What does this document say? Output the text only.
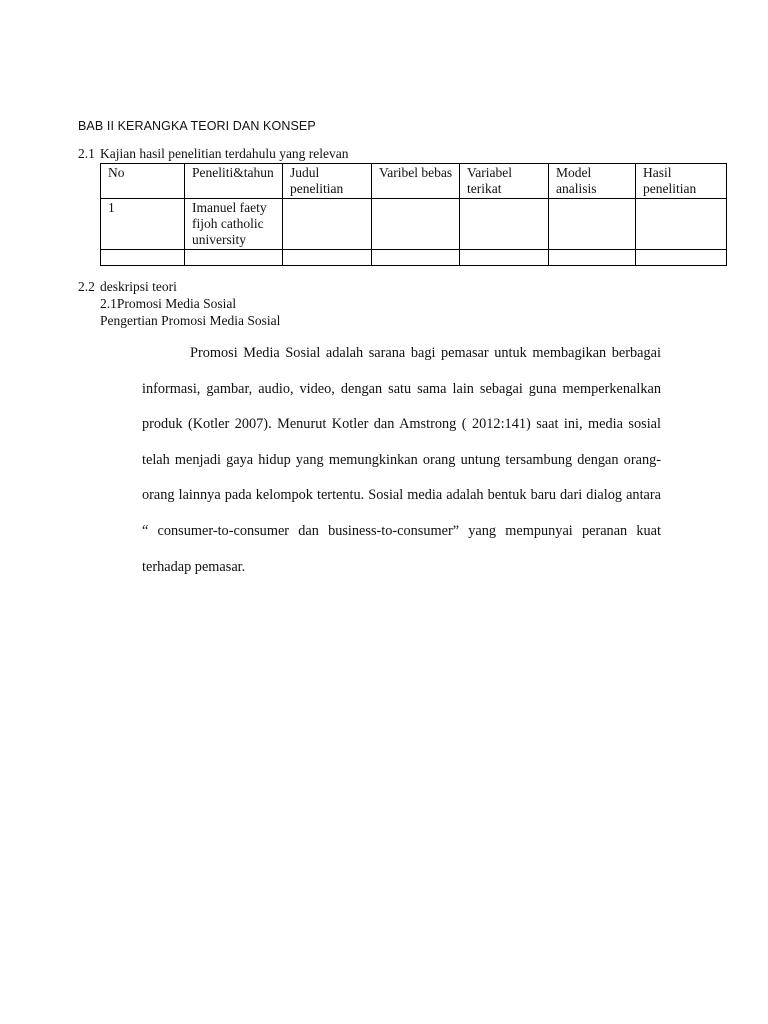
BAB II KERANGKA TEORI DAN KONSEP
2.1 Kajian hasil penelitian terdahulu yang relevan
No	Peneliti&tahun	Judul penelitian	Varibel bebas	Variabel terikat	Model analisis	Hasil penelitian
1	Imanuel faety fijoh catholic university					

2.2 deskripsi teori
2.1Promosi Media Sosial
Pengertian Promosi Media Sosial

Promosi Media Sosial adalah sarana bagi pemasar untuk membagikan berbagai informasi, gambar, audio, video, dengan satu sama lain sebagai guna memperkenalkan produk (Kotler 2007). Menurut Kotler dan Amstrong ( 2012:141) saat ini, media sosial telah menjadi gaya hidup yang memungkinkan orang untung tersambung dengan orang-orang lainnya pada kelompok tertentu. Sosial media adalah bentuk baru dari dialog antara “ consumer-to-consumer dan business-to-consumer” yang mempunyai peranan kuat terhadap pemasar.
